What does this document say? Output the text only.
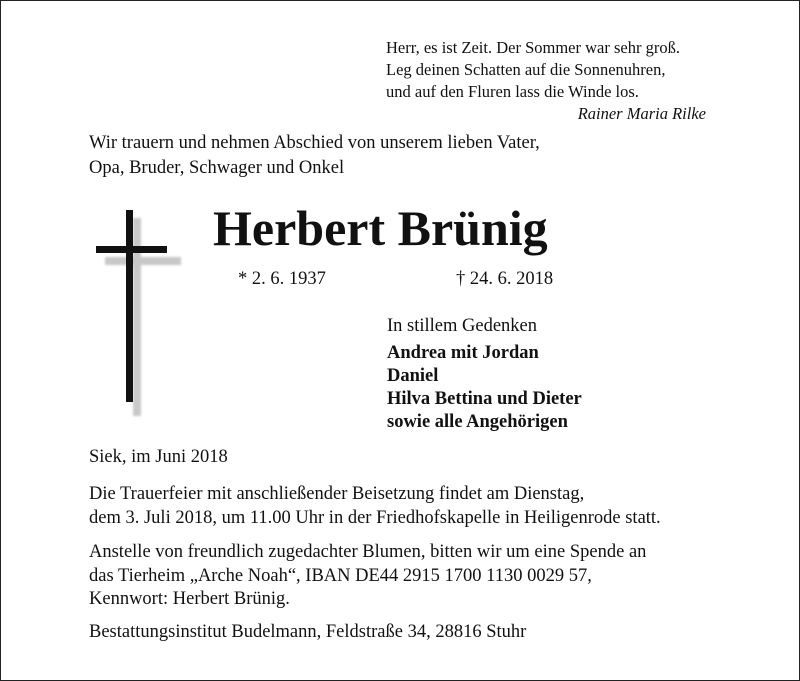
Herr, es ist Zeit. Der Sommer war sehr groß.
Leg deinen Schatten auf die Sonnenuhren,
und auf den Fluren lass die Winde los.
Rainer Maria Rilke
Wir trauern und nehmen Abschied von unserem lieben Vater,
Opa, Bruder, Schwager und Onkel
Herbert Brünig
* 2. 6. 1937	† 24. 6. 2018
In stillem Gedenken
Andrea mit Jordan
Daniel
Hilva Bettina und Dieter
sowie alle Angehörigen
Siek, im Juni 2018
Die Trauerfeier mit anschließender Beisetzung findet am Dienstag,
dem 3. Juli 2018, um 11.00 Uhr in der Friedhofskapelle in Heiligenrode statt.
Anstelle von freundlich zugedachter Blumen, bitten wir um eine Spende an
das Tierheim „Arche Noah“, IBAN DE44 2915 1700 1130 0029 57,
Kennwort: Herbert Brünig.
Bestattungsinstitut Budelmann, Feldstraße 34, 28816 Stuhr
